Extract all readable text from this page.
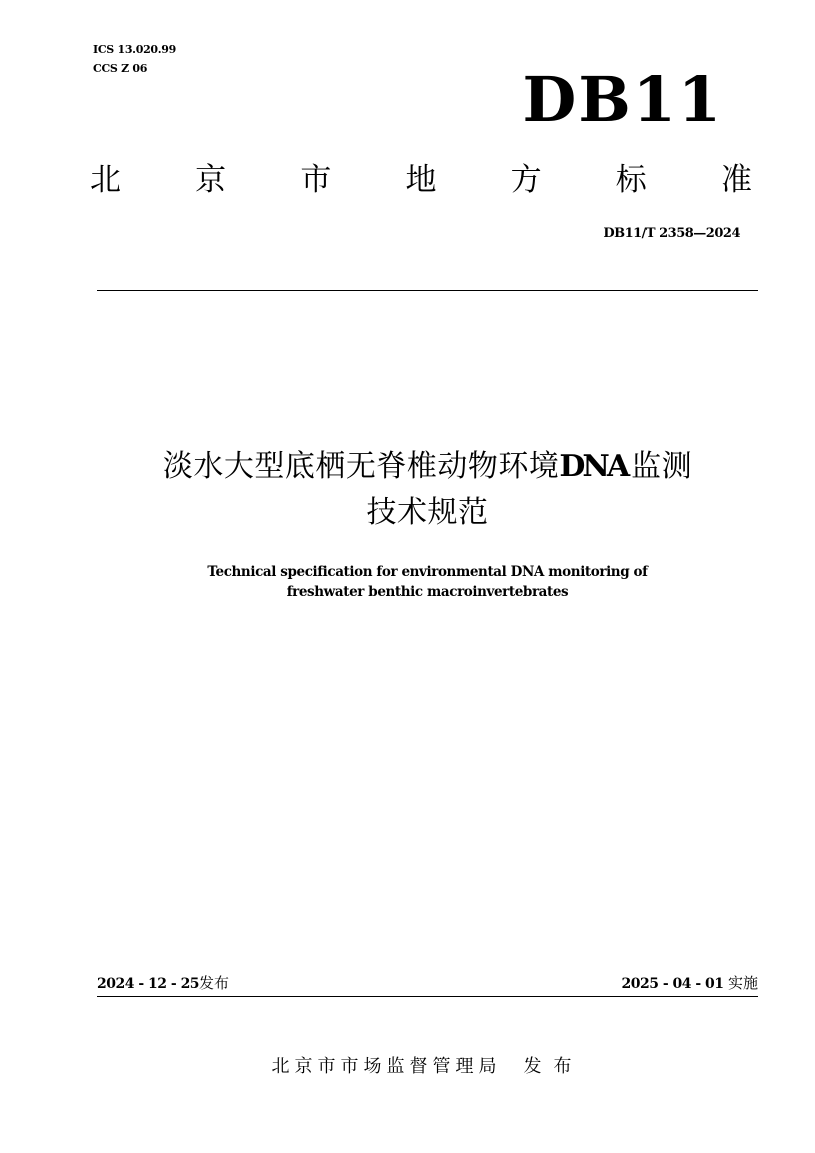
ICS 13.020.99
CCS Z 06	DB11
北 京 市 地 方 标 准
DB11/T 2358—2024
淡水大型底栖无脊椎动物环境DNA 监测
技术规范
Technical specification for environmental DNA monitoring of
freshwater benthic macroinvertebrates
2024 - 12 - 25发布	2025 - 04 - 01 实施
北京市市场监督管理局 发布
